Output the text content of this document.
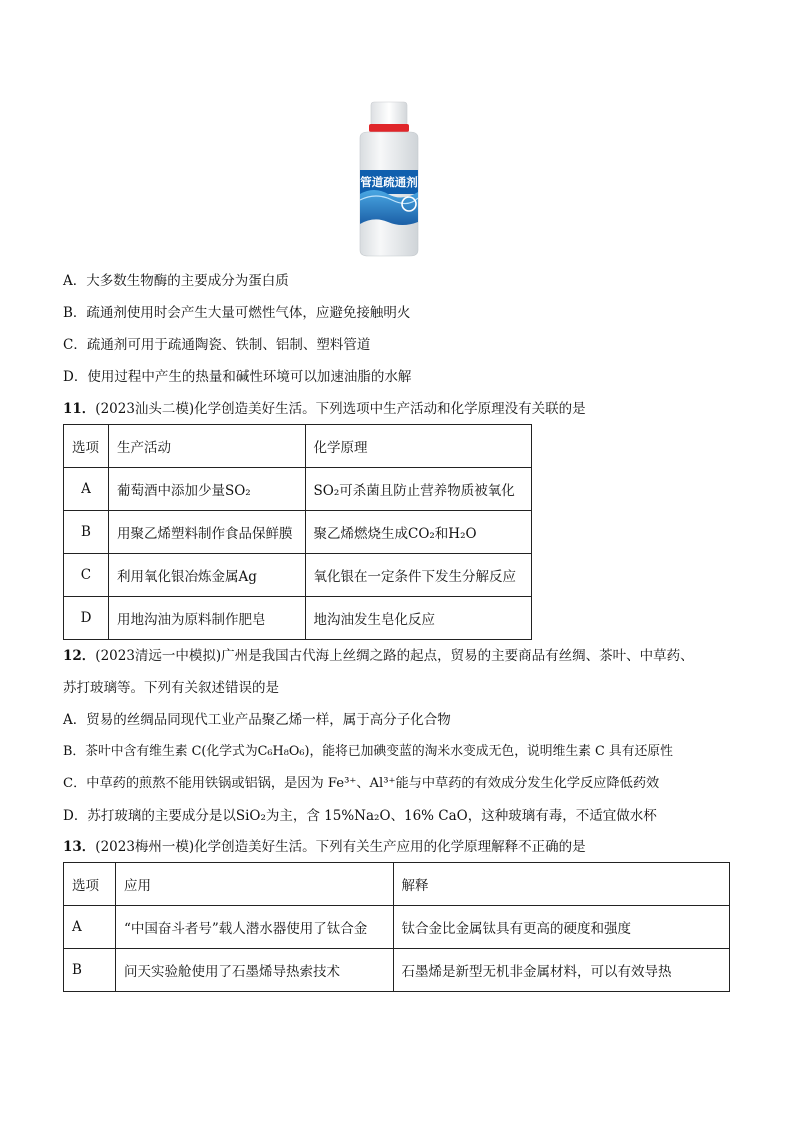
管道疏通剂
A．大多数生物酶的主要成分为蛋白质
B．疏通剂使用时会产生大量可燃性气体，应避免接触明火
C．疏通剂可用于疏通陶瓷、铁制、铝制、塑料管道
D．使用过程中产生的热量和碱性环境可以加速油脂的水解
11．(2023汕头二模)化学创造美好生活。下列选项中生产活动和化学原理没有关联的是
选项	生产活动	化学原理
A	葡萄酒中添加少量SO₂	SO₂可杀菌且防止营养物质被氧化
B	用聚乙烯塑料制作食品保鲜膜	聚乙烯燃烧生成CO₂和H₂O
C	利用氧化银冶炼金属Ag	氧化银在一定条件下发生分解反应
D	用地沟油为原料制作肥皂	地沟油发生皂化反应
12．(2023清远一中模拟)广州是我国古代海上丝绸之路的起点，贸易的主要商品有丝绸、茶叶、中草药、
苏打玻璃等。下列有关叙述错误的是
A．贸易的丝绸品同现代工业产品聚乙烯一样，属于高分子化合物
B．茶叶中含有维生素 C(化学式为C₆H₈O₆)，能将已加碘变蓝的淘米水变成无色，说明维生素 C 具有还原性
C．中草药的煎熬不能用铁锅或铝锅，是因为 Fe³⁺、Al³⁺能与中草药的有效成分发生化学反应降低药效
D．苏打玻璃的主要成分是以SiO₂为主，含 15%Na₂O、16% CaO，这种玻璃有毒，不适宜做水杯
13．(2023梅州一模)化学创造美好生活。下列有关生产应用的化学原理解释不正确的是
选项	应用	解释
A	“中国奋斗者号”载人潜水器使用了钛合金	钛合金比金属钛具有更高的硬度和强度
B	问天实验舱使用了石墨烯导热索技术	石墨烯是新型无机非金属材料，可以有效导热
